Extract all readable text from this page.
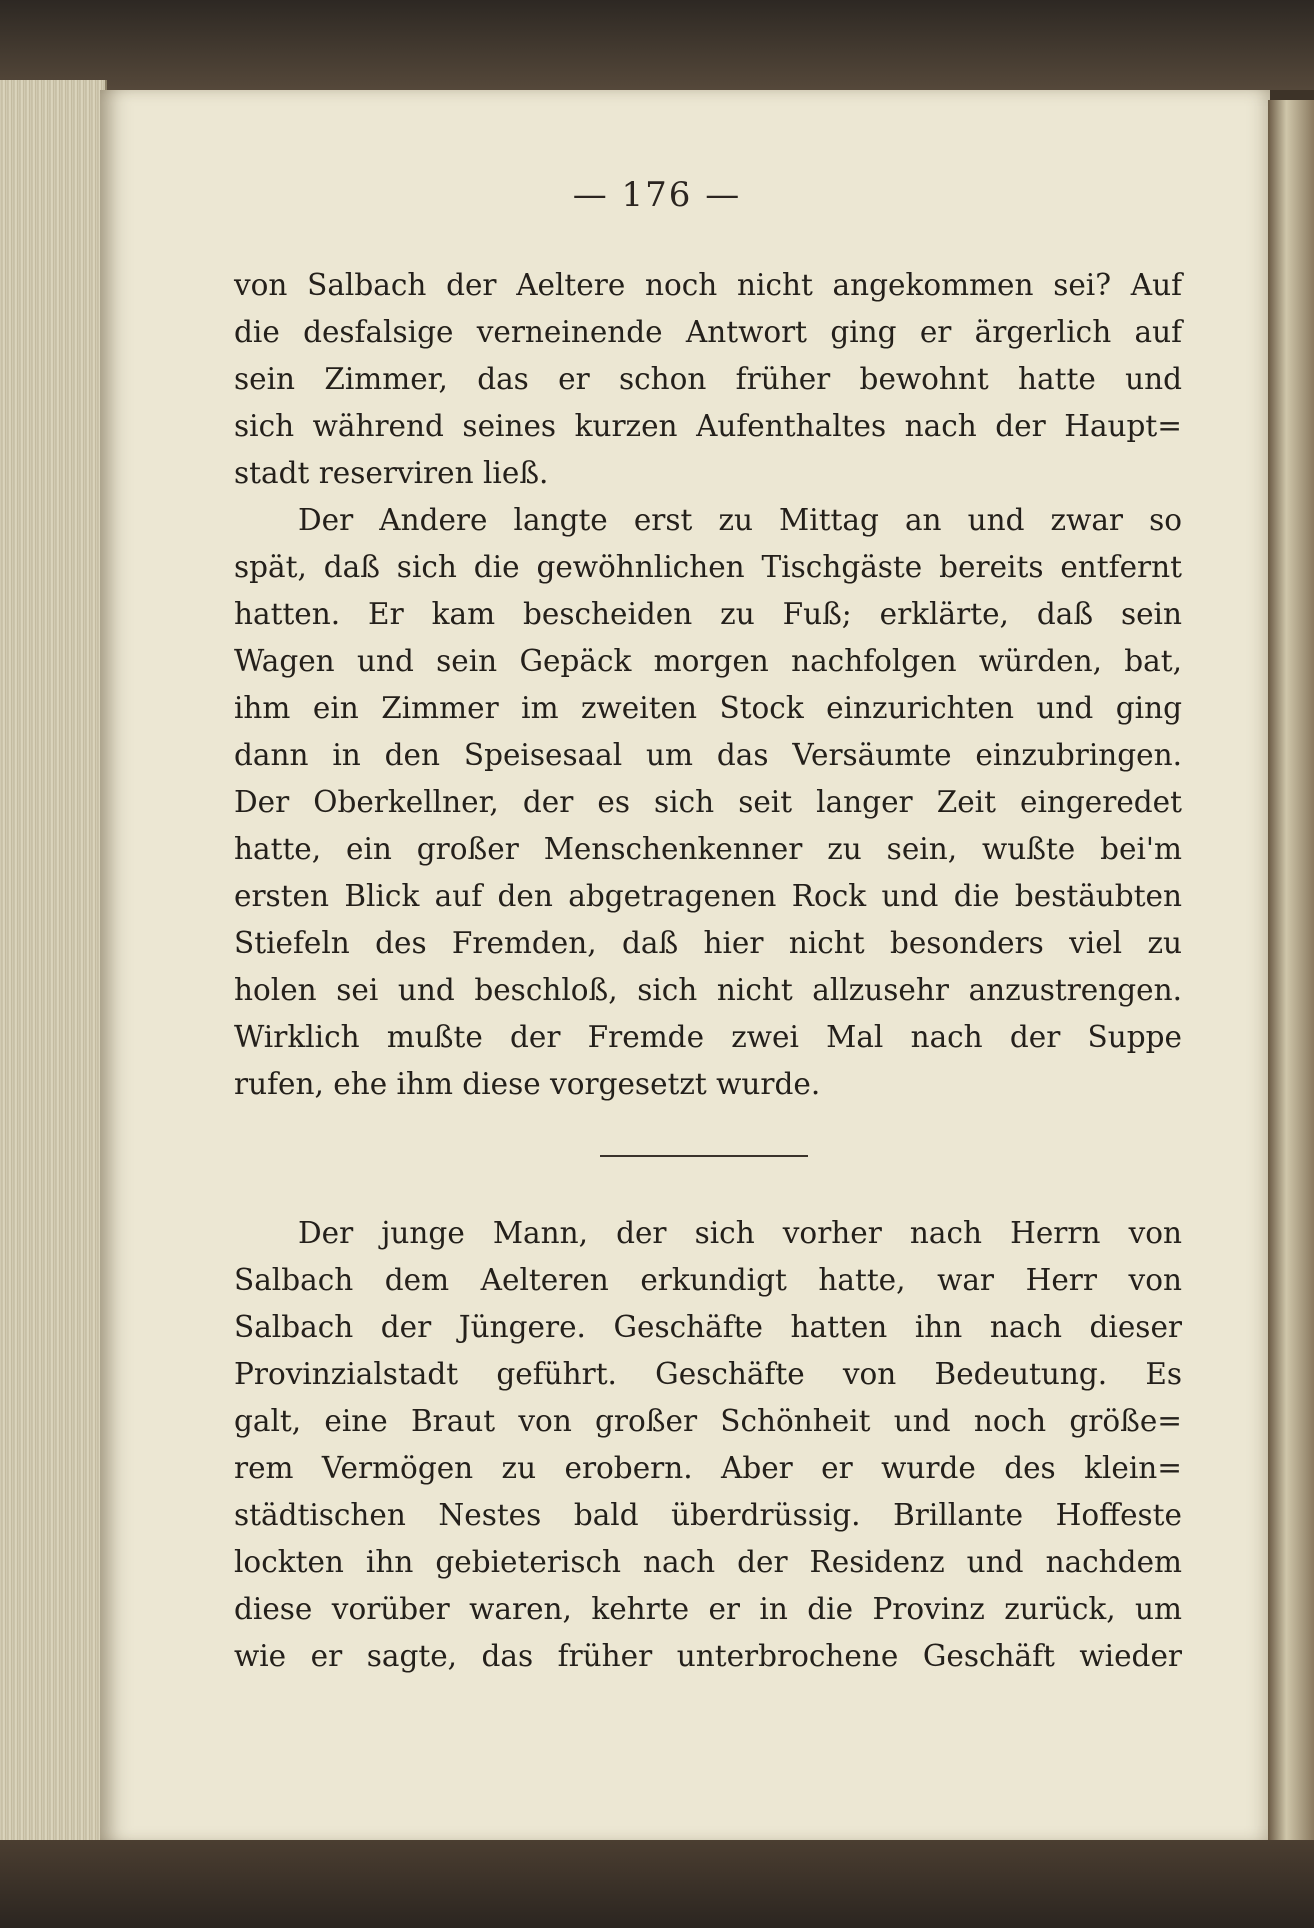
— 176 —
von Salbach der Aeltere noch nicht angekommen sei? Auf
die desfalsige verneinende Antwort ging er ärgerlich auf
sein Zimmer, das er schon früher bewohnt hatte und
sich während seines kurzen Aufenthaltes nach der Haupt=
stadt reserviren ließ.
Der Andere langte erst zu Mittag an und zwar so
spät, daß sich die gewöhnlichen Tischgäste bereits entfernt
hatten. Er kam bescheiden zu Fuß; erklärte, daß sein
Wagen und sein Gepäck morgen nachfolgen würden, bat,
ihm ein Zimmer im zweiten Stock einzurichten und ging
dann in den Speisesaal um das Versäumte einzubringen.
Der Oberkellner, der es sich seit langer Zeit eingeredet
hatte, ein großer Menschenkenner zu sein, wußte bei'm
ersten Blick auf den abgetragenen Rock und die bestäubten
Stiefeln des Fremden, daß hier nicht besonders viel zu
holen sei und beschloß, sich nicht allzusehr anzustrengen.
Wirklich mußte der Fremde zwei Mal nach der Suppe
rufen, ehe ihm diese vorgesetzt wurde.
Der junge Mann, der sich vorher nach Herrn von
Salbach dem Aelteren erkundigt hatte, war Herr von
Salbach der Jüngere. Geschäfte hatten ihn nach dieser
Provinzialstadt geführt. Geschäfte von Bedeutung. Es
galt, eine Braut von großer Schönheit und noch größe=
rem Vermögen zu erobern. Aber er wurde des klein=
städtischen Nestes bald überdrüssig. Brillante Hoffeste
lockten ihn gebieterisch nach der Residenz und nachdem
diese vorüber waren, kehrte er in die Provinz zurück, um
wie er sagte, das früher unterbrochene Geschäft wieder
